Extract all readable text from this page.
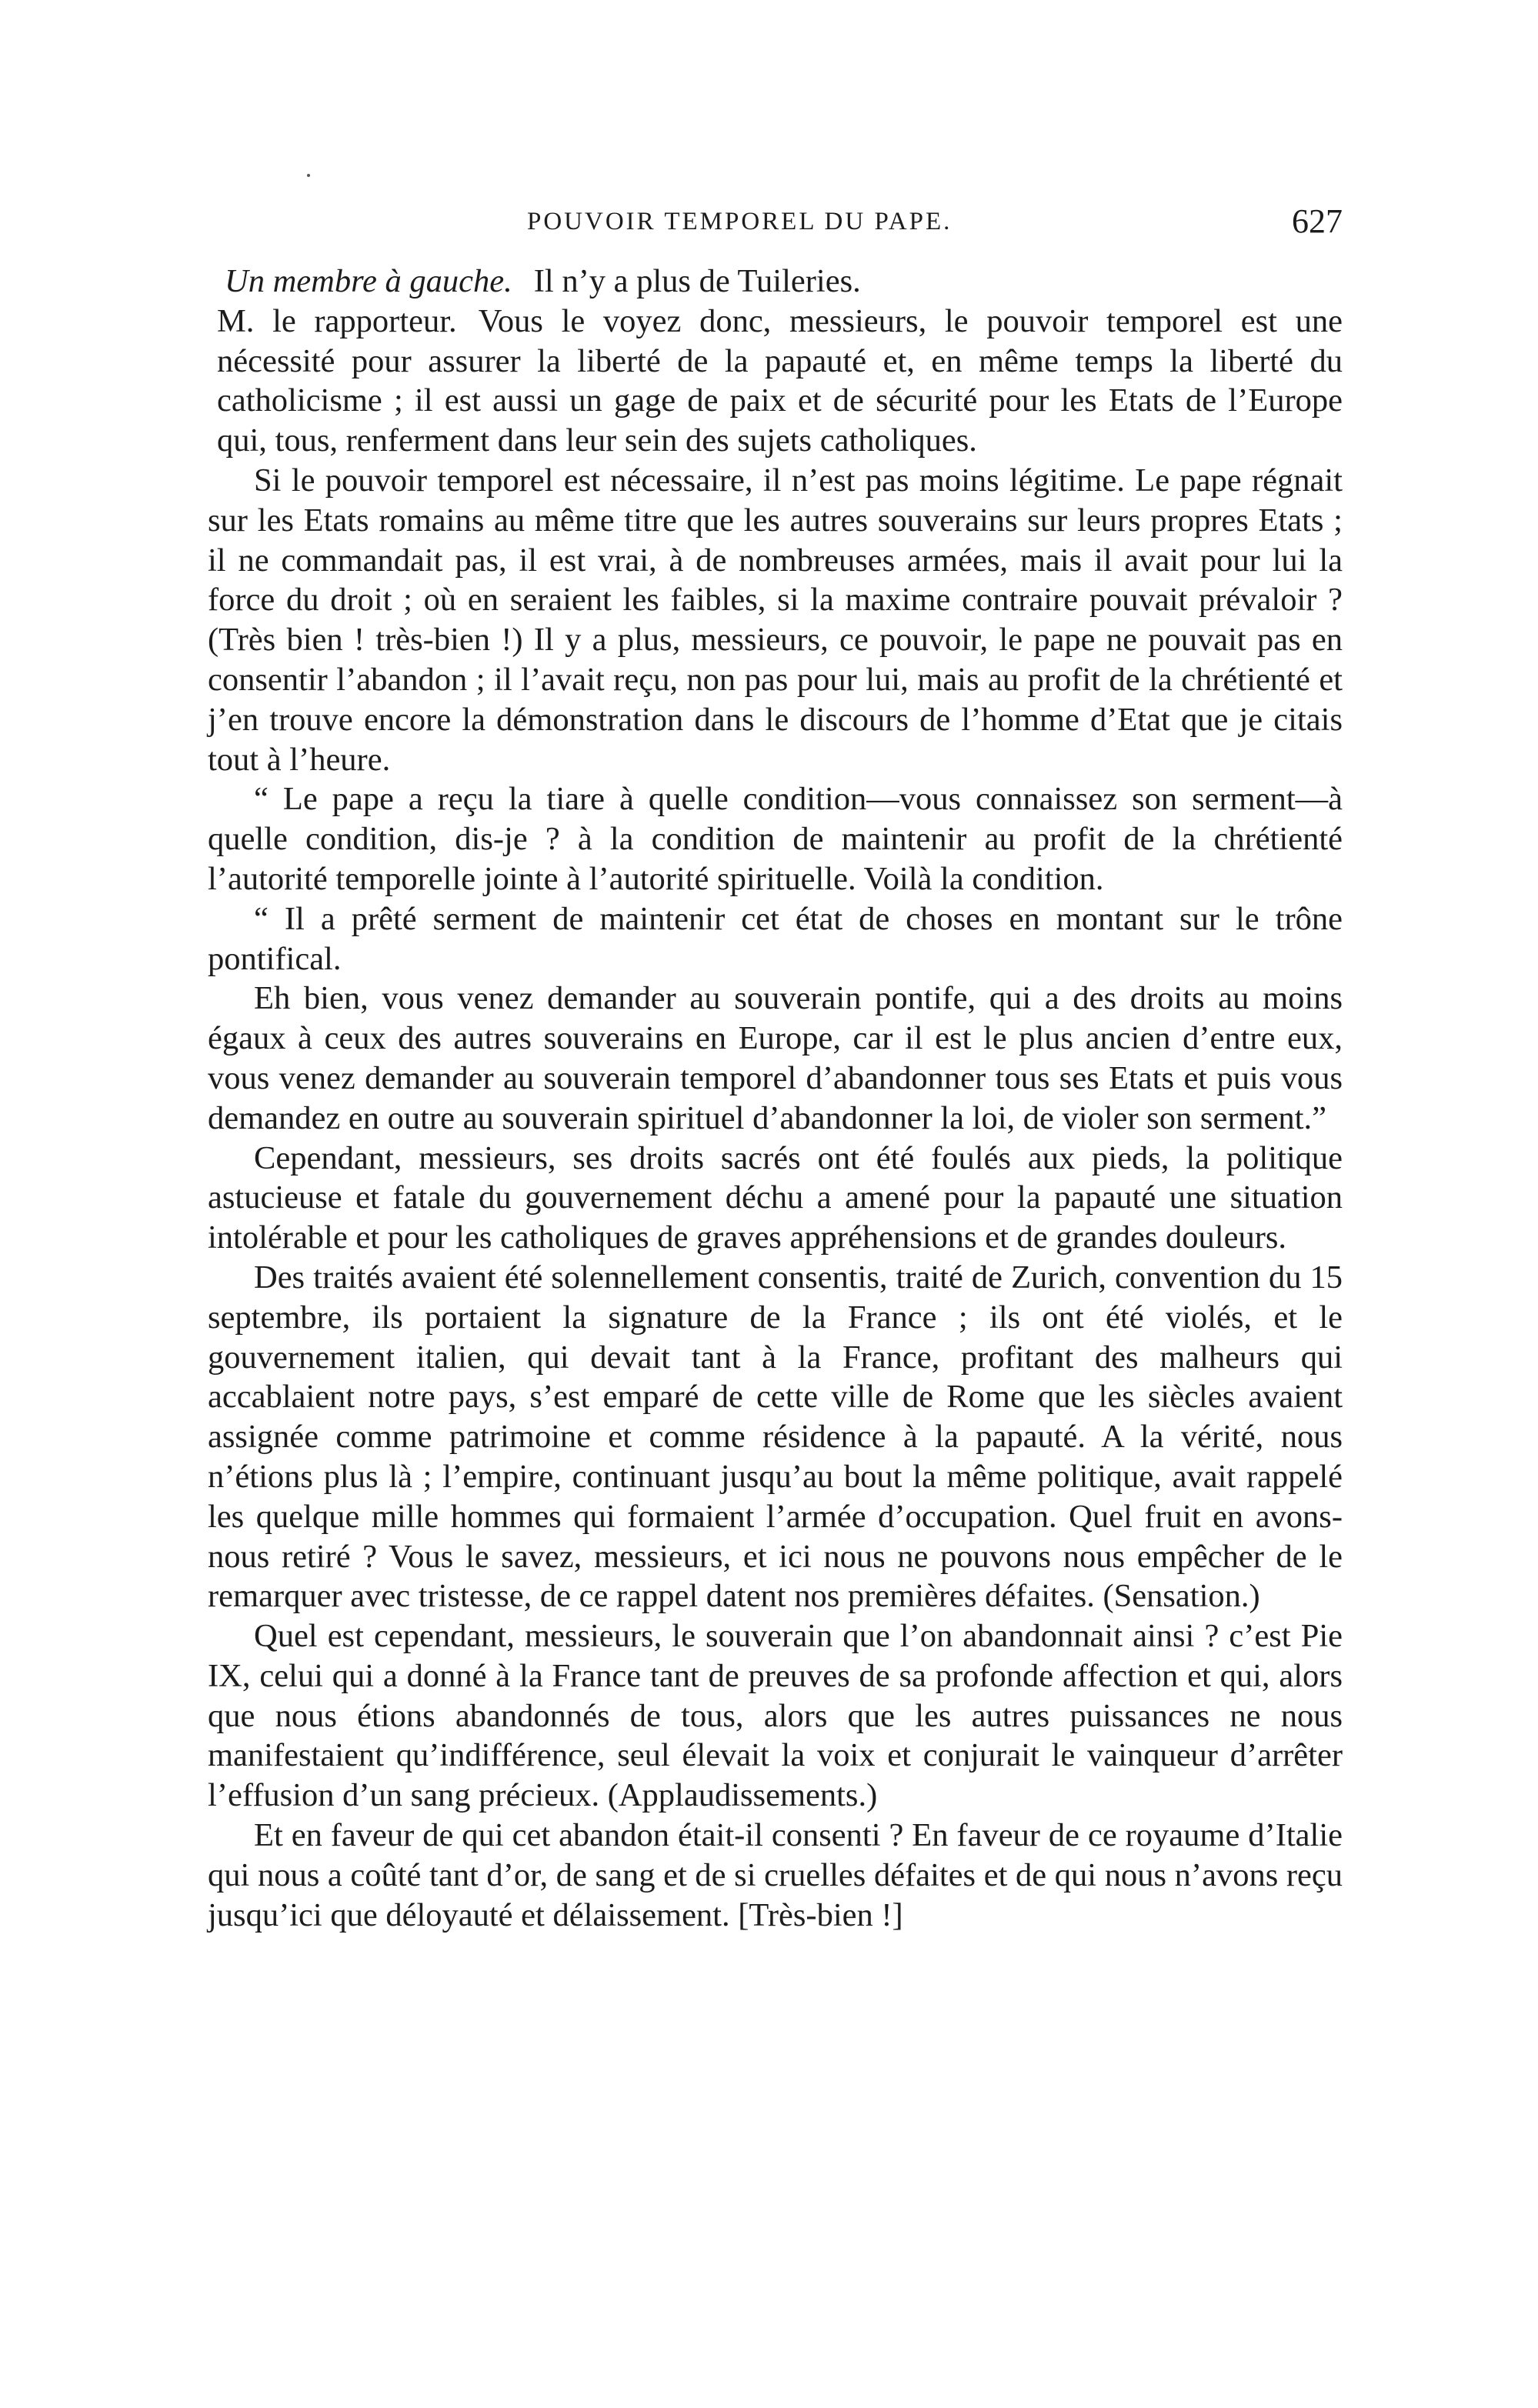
POUVOIR TEMPOREL DU PAPE.	627

Un membre à gauche. Il n’y a plus de Tuileries.

M. le rapporteur. Vous le voyez donc, messieurs, le pouvoir temporel est une nécessité pour assurer la liberté de la papauté et, en même temps la liberté du catholicisme ; il est aussi un gage de paix et de sécurité pour les Etats de l’Europe qui, tous, renferment dans leur sein des sujets catholiques.

Si le pouvoir temporel est nécessaire, il n’est pas moins légitime. Le pape régnait sur les Etats romains au même titre que les autres souverains sur leurs propres Etats ; il ne commandait pas, il est vrai, à de nombreuses armées, mais il avait pour lui la force du droit ; où en seraient les faibles, si la maxime contraire pouvait prévaloir ? (Très bien ! très-bien !) Il y a plus, messieurs, ce pouvoir, le pape ne pouvait pas en consentir l’abandon ; il l’avait reçu, non pas pour lui, mais au profit de la chrétienté et j’en trouve encore la démonstration dans le discours de l’homme d’Etat que je citais tout à l’heure.

“ Le pape a reçu la tiare à quelle condition—vous connaissez son serment—à quelle condition, dis-je ? à la condition de maintenir au profit de la chrétienté l’autorité temporelle jointe à l’autorité spirituelle. Voilà la condition.

“ Il a prêté serment de maintenir cet état de choses en montant sur le trône pontifical.

Eh bien, vous venez demander au souverain pontife, qui a des droits au moins égaux à ceux des autres souverains en Europe, car il est le plus ancien d’entre eux, vous venez demander au souverain temporel d’abandonner tous ses Etats et puis vous demandez en outre au souverain spirituel d’abandonner la loi, de violer son serment.”

Cependant, messieurs, ses droits sacrés ont été foulés aux pieds, la politique astucieuse et fatale du gouvernement déchu a amené pour la papauté une situation intolérable et pour les catholiques de graves appréhensions et de grandes douleurs.

Des traités avaient été solennellement consentis, traité de Zurich, convention du 15 septembre, ils portaient la signature de la France ; ils ont été violés, et le gouvernement italien, qui devait tant à la France, profitant des malheurs qui accablaient notre pays, s’est emparé de cette ville de Rome que les siècles avaient assignée comme patrimoine et comme résidence à la papauté. A la vérité, nous n’étions plus là ; l’empire, continuant jusqu’au bout la même politique, avait rappelé les quelque mille hommes qui formaient l’armée d’occupation. Quel fruit en avons-nous retiré ? Vous le savez, messieurs, et ici nous ne pouvons nous empêcher de le remarquer avec tristesse, de ce rappel datent nos premières défaites. (Sensation.)

Quel est cependant, messieurs, le souverain que l’on abandonnait ainsi ? c’est Pie IX, celui qui a donné à la France tant de preuves de sa profonde affection et qui, alors que nous étions abandonnés de tous, alors que les autres puissances ne nous manifestaient qu’indifférence, seul élevait la voix et conjurait le vainqueur d’arrêter l’effusion d’un sang précieux. (Applaudissements.)

Et en faveur de qui cet abandon était-il consenti ? En faveur de ce royaume d’Italie qui nous a coûté tant d’or, de sang et de si cruelles défaites et de qui nous n’avons reçu jusqu’ici que déloyauté et délaissement. [Très-bien !]
